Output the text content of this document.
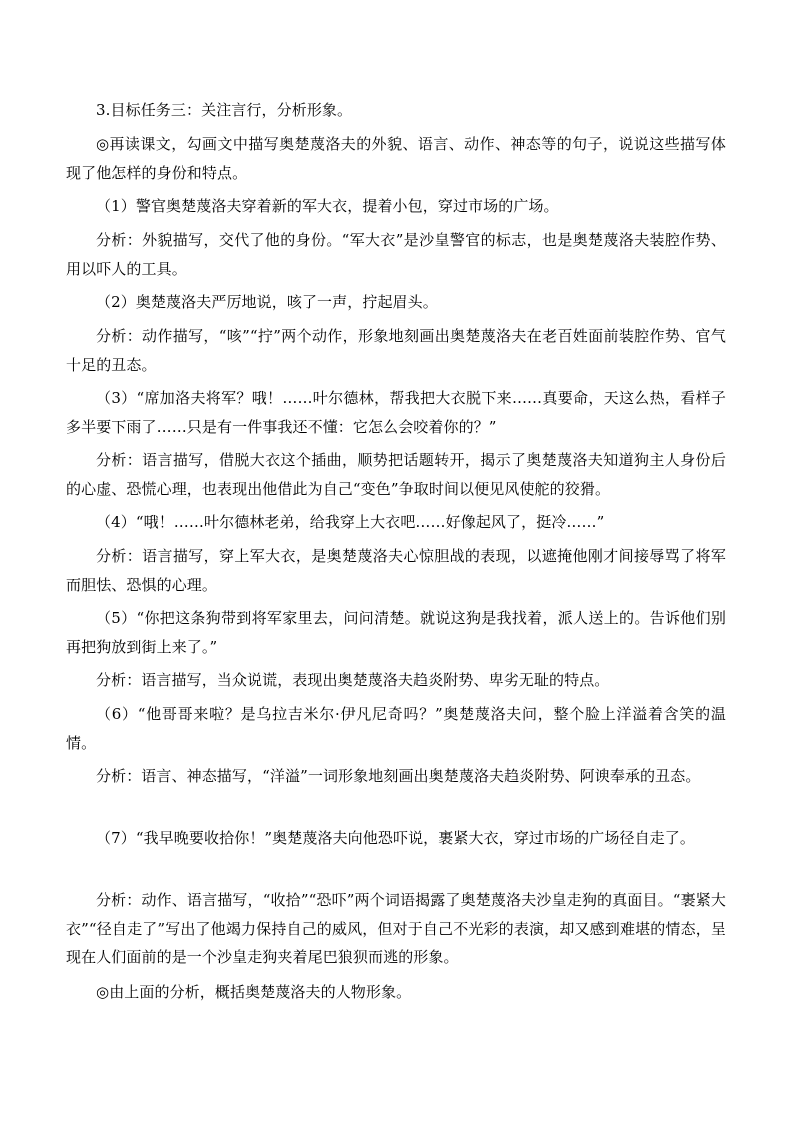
3.目标任务三：关注言行，分析形象。

◎再读课文，勾画文中描写奥楚蔑洛夫的外貌、语言、动作、神态等的句子，说说这些描写体现了他怎样的身份和特点。

（1）警官奥楚蔑洛夫穿着新的军大衣，提着小包，穿过市场的广场。

分析：外貌描写，交代了他的身份。“军大衣”是沙皇警官的标志，也是奥楚蔑洛夫装腔作势、用以吓人的工具。

（2）奥楚蔑洛夫严厉地说，咳了一声，拧起眉头。

分析：动作描写，“咳”“拧”两个动作，形象地刻画出奥楚蔑洛夫在老百姓面前装腔作势、官气十足的丑态。

（3）“席加洛夫将军？哦！……叶尔德林，帮我把大衣脱下来……真要命，天这么热，看样子多半要下雨了……只是有一件事我还不懂：它怎么会咬着你的？”

分析：语言描写，借脱大衣这个插曲，顺势把话题转开，揭示了奥楚蔑洛夫知道狗主人身份后的心虚、恐慌心理，也表现出他借此为自己“变色”争取时间以便见风使舵的狡猾。

（4）“哦！……叶尔德林老弟，给我穿上大衣吧……好像起风了，挺冷……”

分析：语言描写，穿上军大衣，是奥楚蔑洛夫心惊胆战的表现，以遮掩他刚才间接辱骂了将军而胆怯、恐惧的心理。

（5）“你把这条狗带到将军家里去，问问清楚。就说这狗是我找着，派人送上的。告诉他们别再把狗放到街上来了。”

分析：语言描写，当众说谎，表现出奥楚蔑洛夫趋炎附势、卑劣无耻的特点。

（6）“他哥哥来啦？是乌拉吉米尔·伊凡尼奇吗？”奥楚蔑洛夫问，整个脸上洋溢着含笑的温情。

分析：语言、神态描写，“洋溢”一词形象地刻画出奥楚蔑洛夫趋炎附势、阿谀奉承的丑态。

（7）“我早晚要收拾你！”奥楚蔑洛夫向他恐吓说，裹紧大衣，穿过市场的广场径自走了。

分析：动作、语言描写，“收拾”“恐吓”两个词语揭露了奥楚蔑洛夫沙皇走狗的真面目。“裹紧大衣”“径自走了”写出了他竭力保持自己的威风，但对于自己不光彩的表演，却又感到难堪的情态，呈现在人们面前的是一个沙皇走狗夹着尾巴狼狈而逃的形象。

◎由上面的分析，概括奥楚蔑洛夫的人物形象。
